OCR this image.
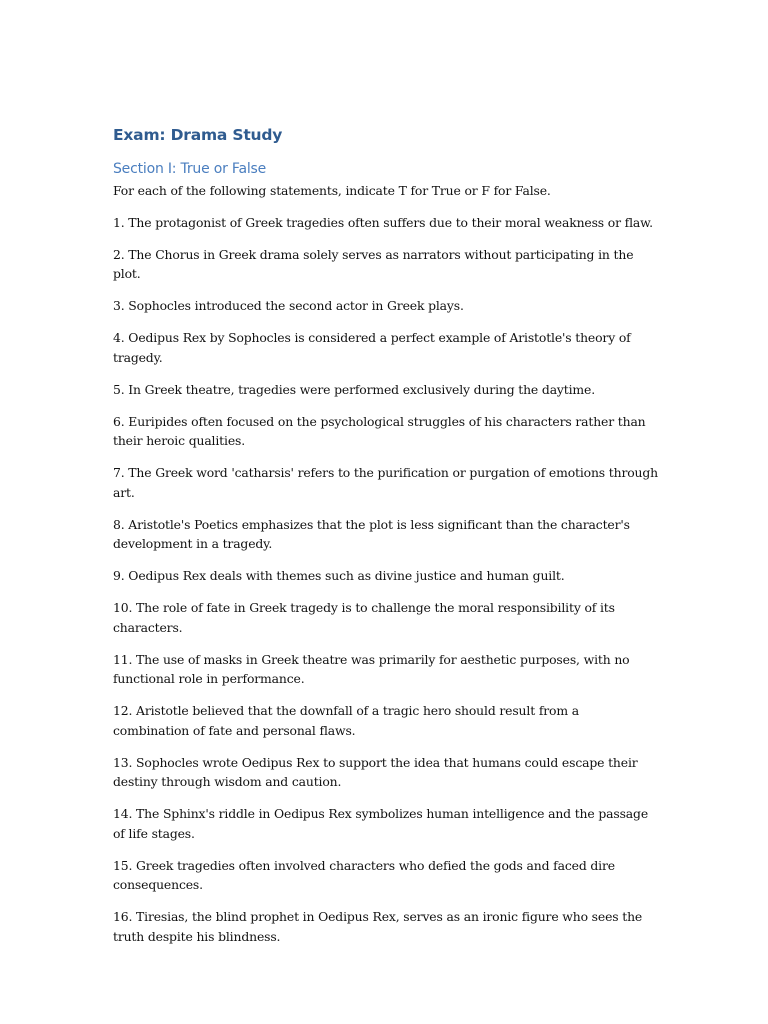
Exam: Drama Study
Section I: True or False

For each of the following statements, indicate T for True or F for False.

1. The protagonist of Greek tragedies often suffers due to their moral weakness or flaw.
2. The Chorus in Greek drama solely serves as narrators without participating in the plot.
3. Sophocles introduced the second actor in Greek plays.
4. Oedipus Rex by Sophocles is considered a perfect example of Aristotle's theory of tragedy.
5. In Greek theatre, tragedies were performed exclusively during the daytime.
6. Euripides often focused on the psychological struggles of his characters rather than their heroic qualities.
7. The Greek word 'catharsis' refers to the purification or purgation of emotions through art.
8. Aristotle's Poetics emphasizes that the plot is less significant than the character's development in a tragedy.
9. Oedipus Rex deals with themes such as divine justice and human guilt.
10. The role of fate in Greek tragedy is to challenge the moral responsibility of its characters.
11. The use of masks in Greek theatre was primarily for aesthetic purposes, with no functional role in performance.
12. Aristotle believed that the downfall of a tragic hero should result from a combination of fate and personal flaws.
13. Sophocles wrote Oedipus Rex to support the idea that humans could escape their destiny through wisdom and caution.
14. The Sphinx's riddle in Oedipus Rex symbolizes human intelligence and the passage of life stages.
15. Greek tragedies often involved characters who defied the gods and faced dire consequences.
16. Tiresias, the blind prophet in Oedipus Rex, serves as an ironic figure who sees the truth despite his blindness.
